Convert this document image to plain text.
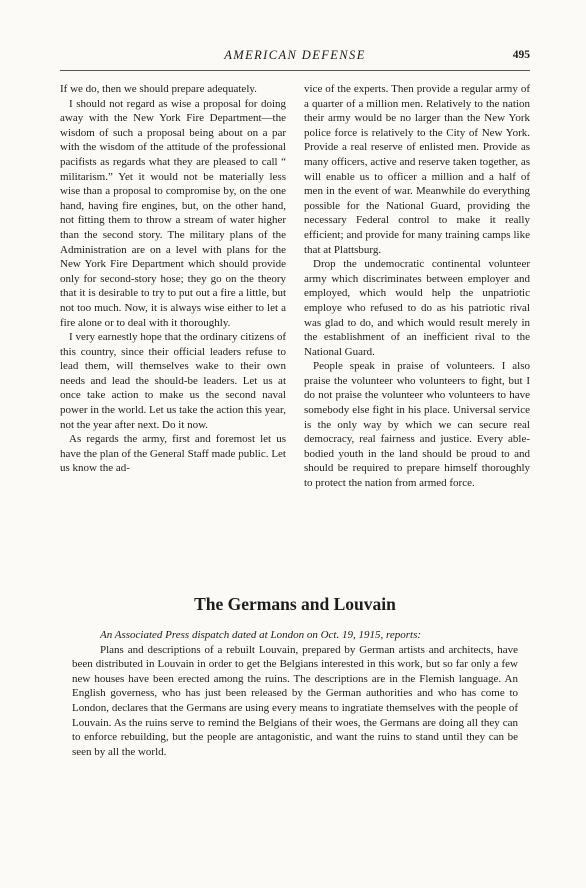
AMERICAN DEFENSE	495

If we do, then we should prepare adequately.

I should not regard as wise a proposal for doing away with the New York Fire Department—the wisdom of such a proposal being about on a par with the wisdom of the attitude of the professional pacifists as regards what they are pleased to call “ militarism.” Yet it would not be materially less wise than a proposal to compromise by, on the one hand, having fire engines, but, on the other hand, not fitting them to throw a stream of water higher than the second story. The military plans of the Administration are on a level with plans for the New York Fire Department which should provide only for second-story hose; they go on the theory that it is desirable to try to put out a fire a little, but not too much. Now, it is always wise either to let a fire alone or to deal with it thoroughly.

I very earnestly hope that the ordinary citizens of this country, since their official leaders refuse to lead them, will themselves wake to their own needs and lead the should-be leaders. Let us at once take action to make us the second naval power in the world. Let us take the action this year, not the year after next. Do it now.

As regards the army, first and foremost let us have the plan of the General Staff made public. Let us know the ad-

vice of the experts. Then provide a regular army of a quarter of a million men. Relatively to the nation their army would be no larger than the New York police force is relatively to the City of New York. Provide a real reserve of enlisted men. Provide as many officers, active and reserve taken together, as will enable us to officer a million and a half of men in the event of war. Meanwhile do everything possible for the National Guard, providing the necessary Federal control to make it really efficient; and provide for many training camps like that at Plattsburg.

Drop the undemocratic continental volunteer army which discriminates between employer and employed, which would help the unpatriotic employe who refused to do as his patriotic rival was glad to do, and which would result merely in the establishment of an inefficient rival to the National Guard.

People speak in praise of volunteers. I also praise the volunteer who volunteers to fight, but I do not praise the volunteer who volunteers to have somebody else fight in his place. Universal service is the only way by which we can secure real democracy, real fairness and justice. Every able-bodied youth in the land should be proud to and should be required to prepare himself thoroughly to protect the nation from armed force.

The Germans and Louvain

An Associated Press dispatch dated at London on Oct. 19, 1915, reports:

Plans and descriptions of a rebuilt Louvain, prepared by German artists and architects, have been distributed in Louvain in order to get the Belgians interested in this work, but so far only a few new houses have been erected among the ruins. The descriptions are in the Flemish language. An English governess, who has just been released by the German authorities and who has come to London, declares that the Germans are using every means to ingratiate themselves with the people of Louvain. As the ruins serve to remind the Belgians of their woes, the Germans are doing all they can to enforce rebuilding, but the people are antagonistic, and want the ruins to stand until they can be seen by all the world.
